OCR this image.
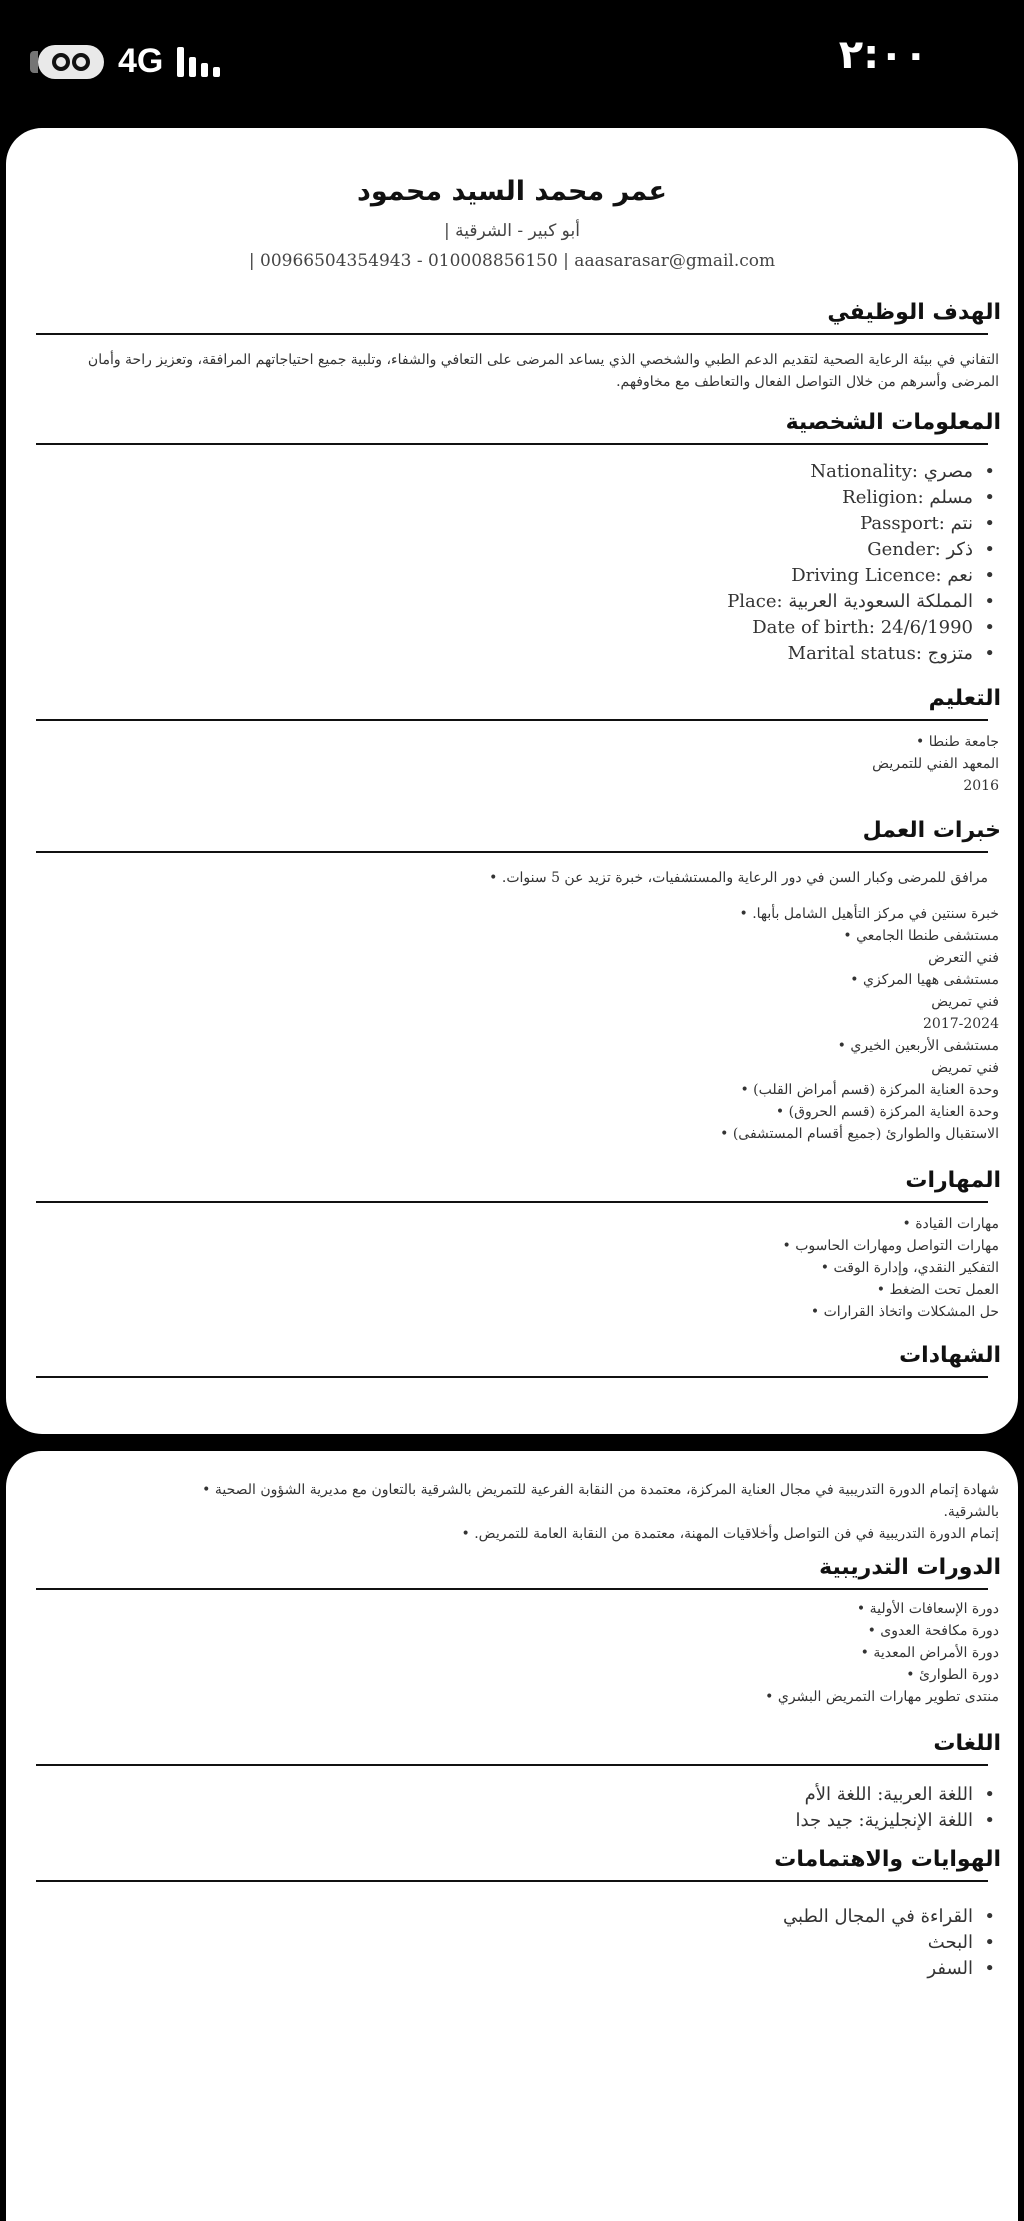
4G	٢:٠٠
عمر محمد السيد محمود
أبو كبير - الشرقية |
| 00966504354943 - 010008856150 | aaasarasar@gmail.com
الهدف الوظيفي
التفاني في بيئة الرعاية الصحية لتقديم الدعم الطبي والشخصي الذي يساعد المرضى على التعافي والشفاء، وتلبية جميع احتياجاتهم المرافقة، وتعزيز راحة وأمان المرضى وأسرهم من خلال التواصل الفعال والتعاطف مع مخاوفهم.
المعلومات الشخصية
• Nationality: مصري
• Religion: مسلم
• Passport: نتم
• Gender: ذكر
• Driving Licence: نعم
• Place: المملكة السعودية العربية
• Date of birth: 24/6/1990
• Marital status: متزوج
التعليم
جامعة طنطا •
المعهد الفني للتمريض
2016
خبرات العمل
مرافق للمرضى وكبار السن في دور الرعاية والمستشفيات، خبرة تزيد عن 5 سنوات. •
خبرة سنتين في مركز التأهيل الشامل بأبها. •
مستشفى طنطا الجامعي •
فني التعرض
مستشفى ههيا المركزي •
فني تمريض
2017-2024
مستشفى الأربعين الخيري •
فني تمريض
وحدة العناية المركزة (قسم أمراض القلب) •
وحدة العناية المركزة (قسم الحروق) •
الاستقبال والطوارئ (جميع أقسام المستشفى) •
المهارات
مهارات القيادة •
مهارات التواصل ومهارات الحاسوب •
التفكير النقدي، وإدارة الوقت •
العمل تحت الضغط •
حل المشكلات واتخاذ القرارات •
الشهادات
شهادة إتمام الدورة التدريبية في مجال العناية المركزة، معتمدة من النقابة الفرعية للتمريض بالشرقية بالتعاون مع مديرية الشؤون الصحية •
بالشرقية.
إتمام الدورة التدريبية في فن التواصل وأخلاقيات المهنة، معتمدة من النقابة العامة للتمريض. •
الدورات التدريبية
دورة الإسعافات الأولية •
دورة مكافحة العدوى •
دورة الأمراض المعدية •
دورة الطوارئ •
منتدى تطوير مهارات التمريض البشري •
اللغات
• اللغة العربية: اللغة الأم
• اللغة الإنجليزية: جيد جدا
الهوايات والاهتمامات
• القراءة في المجال الطبي
• البحث
• السفر
